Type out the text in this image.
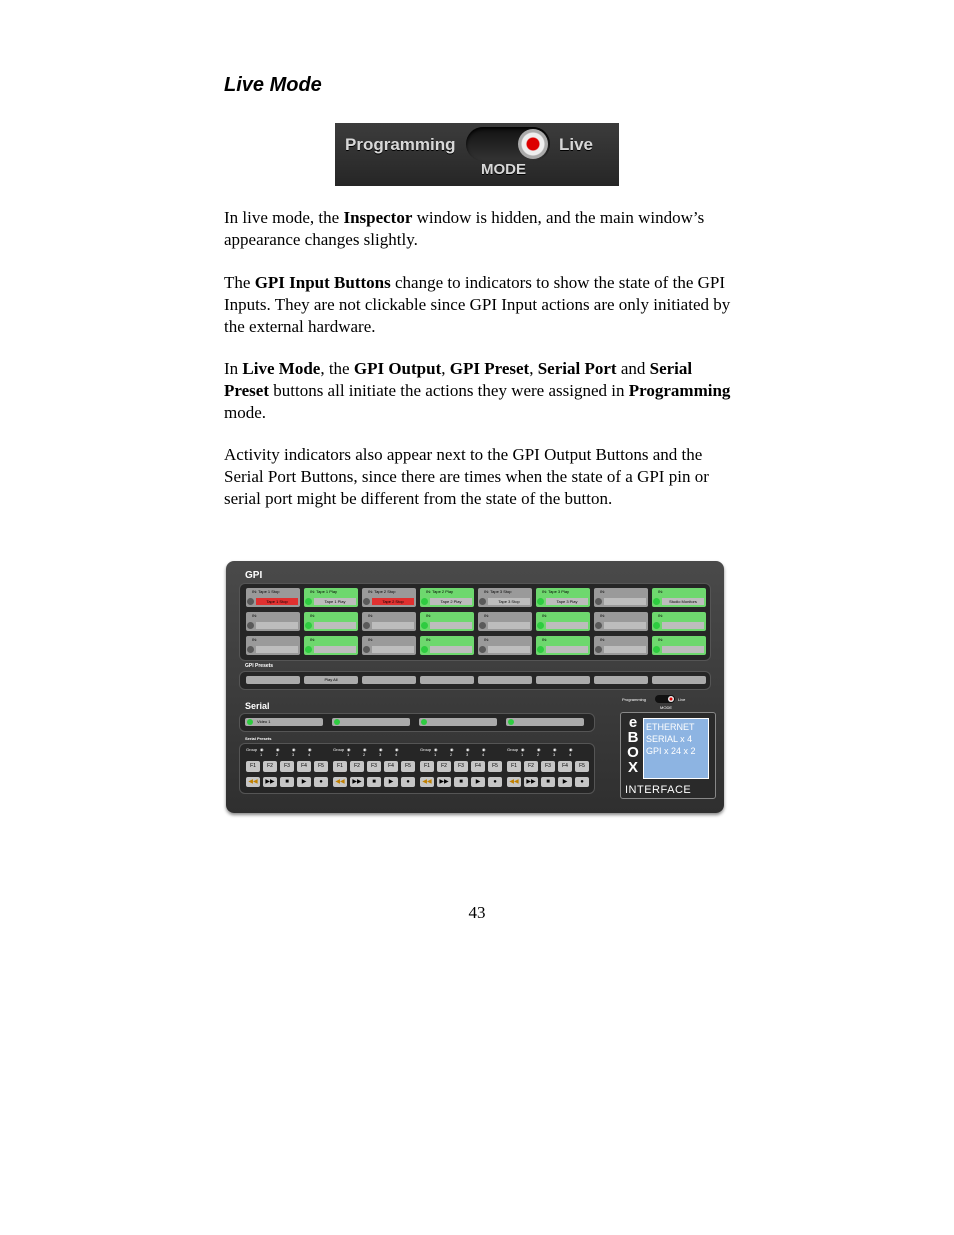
Live Mode
Programming	Live
MODE
In live mode, the Inspector window is hidden, and the main window’s appearance changes slightly.
The GPI Input Buttons change to indicators to show the state of the GPI Inputs. They are not clickable since GPI Input actions are only initiated by the external hardware.
In Live Mode, the GPI Output, GPI Preset, Serial Port and Serial Preset buttons all initiate the actions they were assigned in Programming mode.
Activity indicators also appear next to the GPI Output Buttons and the Serial Port Buttons, since there are times when the state of a GPI pin or serial port might be different from the state of the button.
GPI
GPI Presets
Serial
Serial Presets
Programming	Live
MODE
e
B
O
X
ETHERNET
SERIAL x 4
GPI x 24 x 2
INTERFACE
IN: Tape 1 Stop
Tape 1 Stop
IN: Tape 1 Play
Tape 1 Play
IN: Tape 2 Stop
Tape 2 Stop
IN: Tape 2 Play
Tape 2 Play
IN: Tape 3 Stop
Tape 3 Stop
IN: Tape 3 Play
Tape 3 Play
IN:	IN:
Studio Monitors
IN:	IN:	IN:	IN:	IN:	IN:	IN:	IN:
IN:	IN:	IN:	IN:	IN:	IN:	IN:	IN:
Play All
Video 1
Group ◉ 1
◉ 2
◉ 3
◉ 4
F1	F2	F3	F4	F5
◀◀	▶▶	■	▶	●
Group ◉ 1
◉ 2
◉ 3
◉ 4
F1	F2	F3	F4	F5
◀◀	▶▶	■	▶	●
Group ◉ 1
◉ 2
◉ 3
◉ 4
F1	F2	F3	F4	F5
◀◀	▶▶	■	▶	●
Group ◉ 1
◉ 2
◉ 3
◉ 4
F1	F2	F3	F4	F5
◀◀	▶▶	■	▶	●
43
